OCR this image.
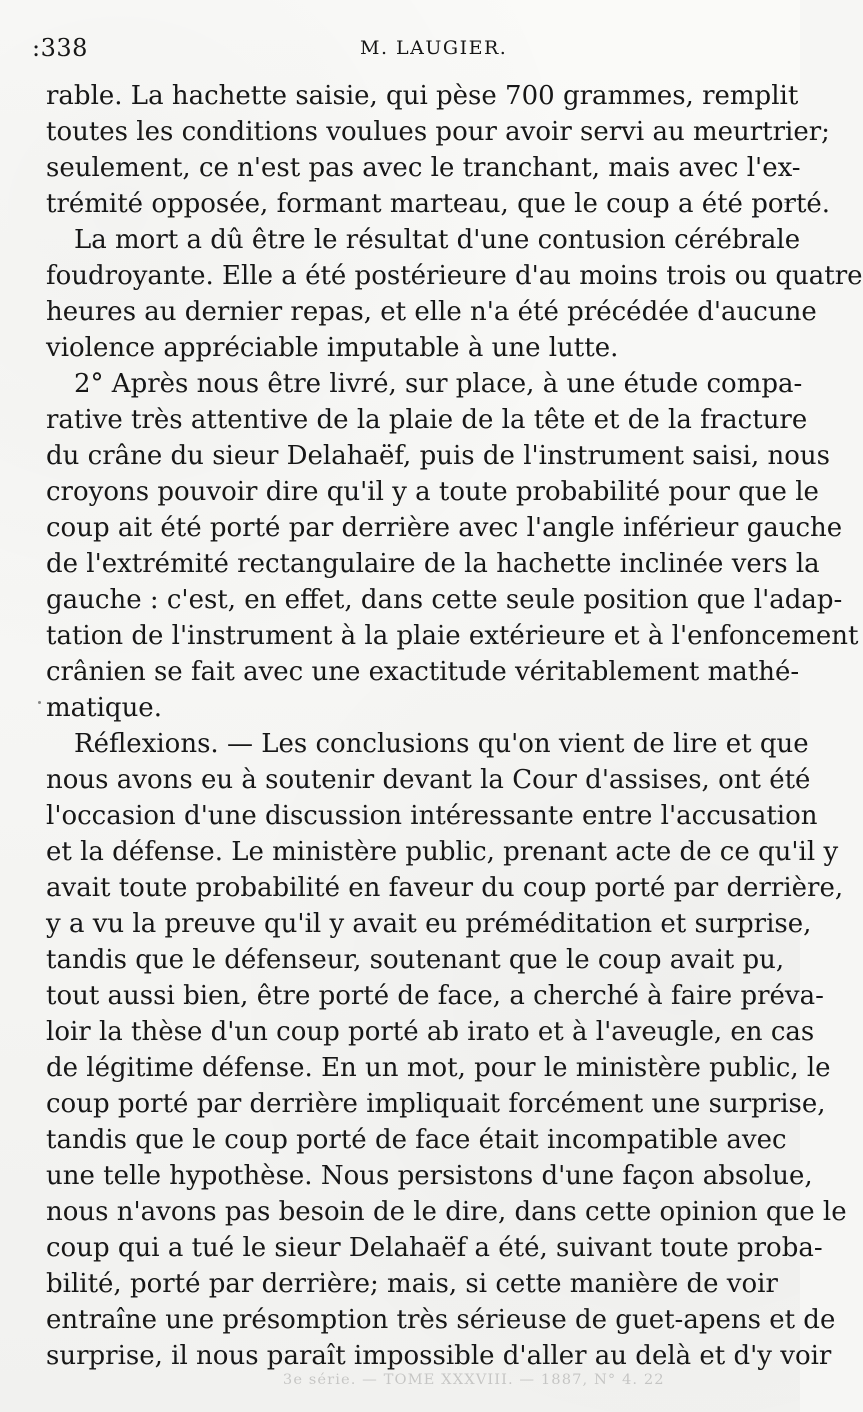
:338	M. LAUGIER.
rable. La hachette saisie, qui pèse 700 grammes, remplit
toutes les conditions voulues pour avoir servi au meurtrier;
seulement, ce n'est pas avec le tranchant, mais avec l'ex-
trémité opposée, formant marteau, que le coup a été porté.
La mort a dû être le résultat d'une contusion cérébrale
foudroyante. Elle a été postérieure d'au moins trois ou quatre
heures au dernier repas, et elle n'a été précédée d'aucune
violence appréciable imputable à une lutte.
2° Après nous être livré, sur place, à une étude compa-
rative très attentive de la plaie de la tête et de la fracture
du crâne du sieur Delahaëf, puis de l'instrument saisi, nous
croyons pouvoir dire qu'il y a toute probabilité pour que le
coup ait été porté par derrière avec l'angle inférieur gauche
de l'extrémité rectangulaire de la hachette inclinée vers la
gauche : c'est, en effet, dans cette seule position que l'adap-
tation de l'instrument à la plaie extérieure et à l'enfoncement
crânien se fait avec une exactitude véritablement mathé-
matique.
Réflexions. — Les conclusions qu'on vient de lire et que
nous avons eu à soutenir devant la Cour d'assises, ont été
l'occasion d'une discussion intéressante entre l'accusation
et la défense. Le ministère public, prenant acte de ce qu'il y
avait toute probabilité en faveur du coup porté par derrière,
y a vu la preuve qu'il y avait eu préméditation et surprise,
tandis que le défenseur, soutenant que le coup avait pu,
tout aussi bien, être porté de face, a cherché à faire préva-
loir la thèse d'un coup porté ab irato et à l'aveugle, en cas
de légitime défense. En un mot, pour le ministère public, le
coup porté par derrière impliquait forcément une surprise,
tandis que le coup porté de face était incompatible avec
une telle hypothèse. Nous persistons d'une façon absolue,
nous n'avons pas besoin de le dire, dans cette opinion que le
coup qui a tué le sieur Delahaëf a été, suivant toute proba-
bilité, porté par derrière; mais, si cette manière de voir
entraîne une présomption très sérieuse de guet-apens et de
surprise, il nous paraît impossible d'aller au delà et d'y voir
3e série. — TOME XXXVIII. — 1887, N° 4. 22
